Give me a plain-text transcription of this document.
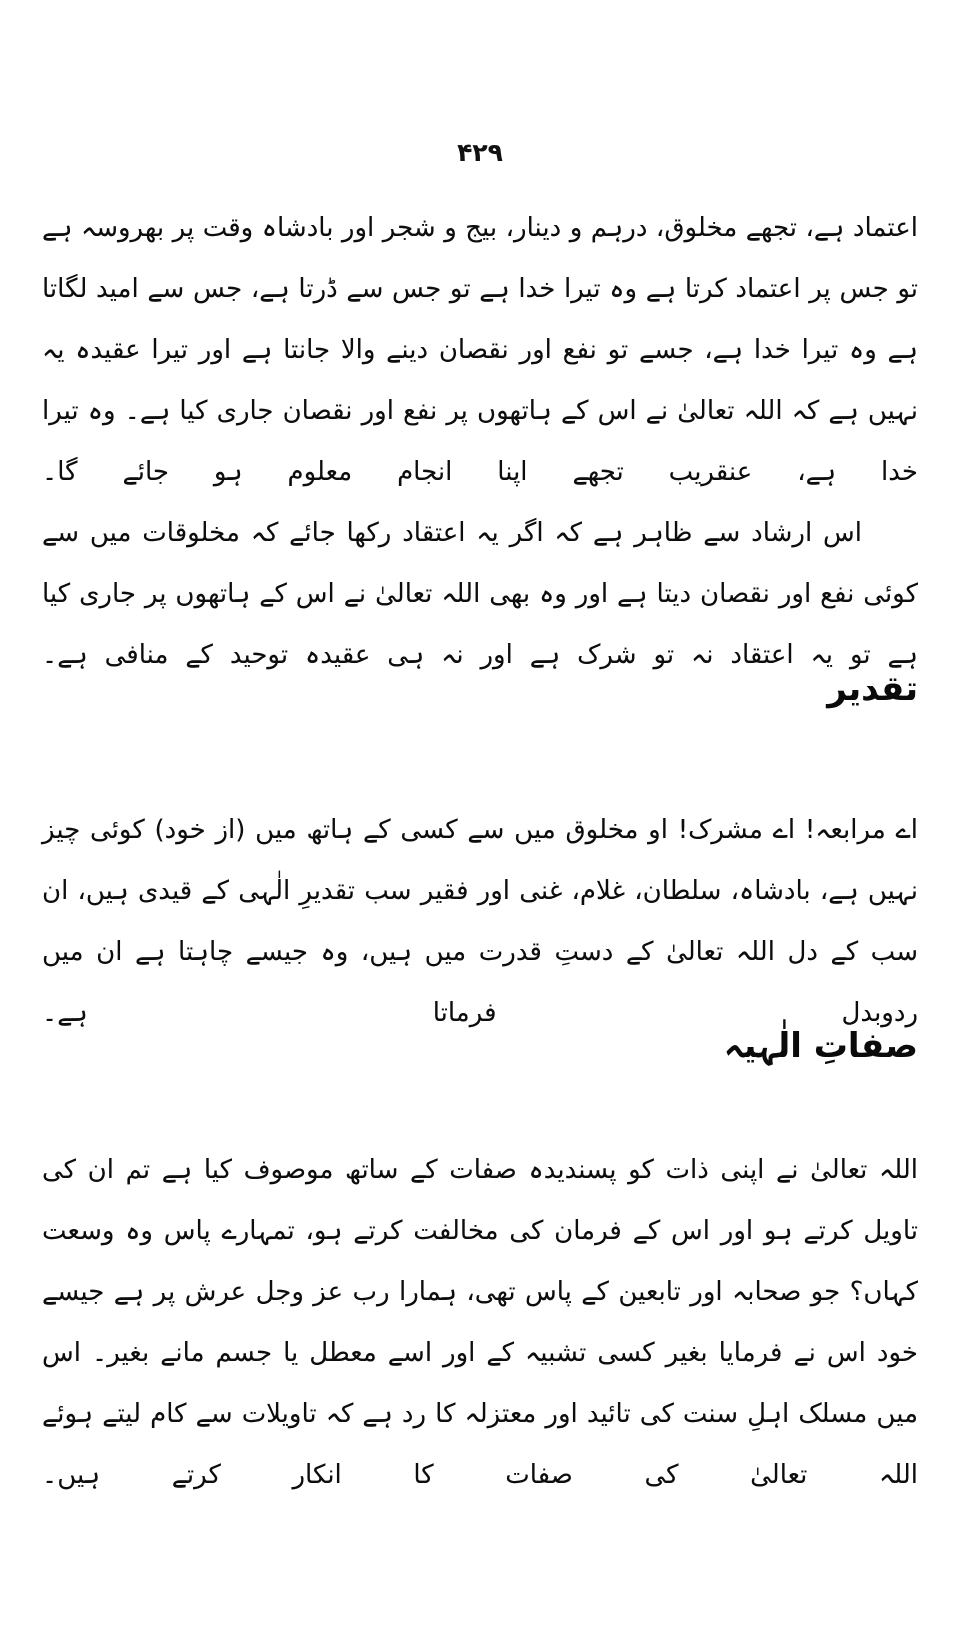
۴۲۹

اعتماد ہے، تجھے مخلوق، درہم و دینار، بیج و شجر اور بادشاہ وقت پر بھروسہ ہے تو جس پر اعتماد کرتا ہے وہ تیرا خدا ہے تو جس سے ڈرتا ہے، جس سے امید لگاتا ہے وہ تیرا خدا ہے، جسے تو نفع اور نقصان دینے والا جانتا ہے اور تیرا عقیدہ یہ نہیں ہے کہ اللہ تعالیٰ نے اس کے ہاتھوں پر نفع اور نقصان جاری کیا ہے۔ وہ تیرا خدا ہے، عنقریب تجھے اپنا انجام معلوم ہو جائے گا۔

اس ارشاد سے ظاہر ہے کہ اگر یہ اعتقاد رکھا جائے کہ مخلوقات میں سے کوئی نفع اور نقصان دیتا ہے اور وہ بھی اللہ تعالیٰ نے اس کے ہاتھوں پر جاری کیا ہے تو یہ اعتقاد نہ تو شرک ہے اور نہ ہی عقیدہ توحید کے منافی ہے۔

تقدیر

اے مرابعہ! اے مشرک! او مخلوق میں سے کسی کے ہاتھ میں (از خود) کوئی چیز نہیں ہے، بادشاہ، سلطان، غلام، غنی اور فقیر سب تقدیرِ الٰہی کے قیدی ہیں، ان سب کے دل اللہ تعالیٰ کے دستِ قدرت میں ہیں، وہ جیسے چاہتا ہے ان میں ردوبدل فرماتا ہے۔

صفاتِ الٰہیہ

اللہ تعالیٰ نے اپنی ذات کو پسندیدہ صفات کے ساتھ موصوف کیا ہے تم ان کی تاویل کرتے ہو اور اس کے فرمان کی مخالفت کرتے ہو، تمہارے پاس وہ وسعت کہاں؟ جو صحابہ اور تابعین کے پاس تھی، ہمارا رب عز وجل عرش پر ہے جیسے خود اس نے فرمایا بغیر کسی تشبیہ کے اور اسے معطل یا جسم مانے بغیر۔ اس میں مسلک اہلِ سنت کی تائید اور معتزلہ کا رد ہے کہ تاویلات سے کام لیتے ہوئے اللہ تعالیٰ کی صفات کا انکار کرتے ہیں۔
